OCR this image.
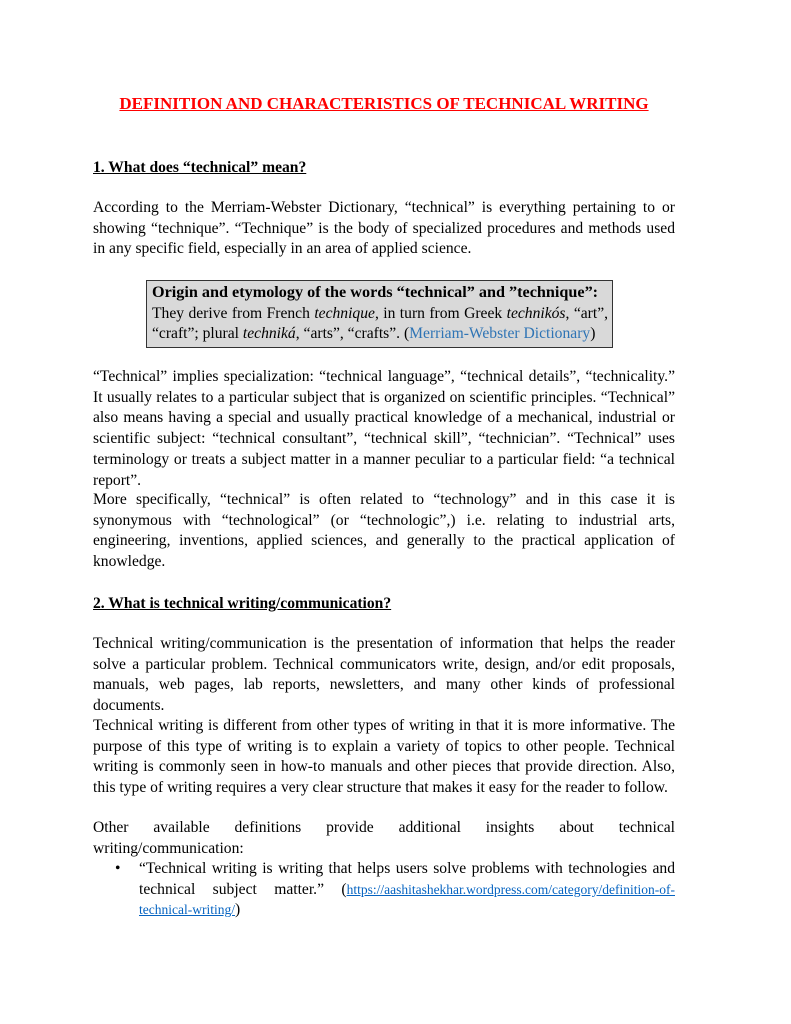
DEFINITION AND CHARACTERISTICS OF TECHNICAL WRITING
1. What does “technical” mean?
According to the Merriam-Webster Dictionary, “technical” is everything pertaining to or showing “technique”. “Technique” is the body of specialized procedures and methods used in any specific field, especially in an area of applied science.
Origin and etymology of the words “technical” and ”technique”:
They derive from French technique, in turn from Greek technikós, “art”, “craft”; plural techniká, “arts”, “crafts”. (Merriam-Webster Dictionary)
“Technical” implies specialization: “technical language”, “technical details”, “technicality.” It usually relates to a particular subject that is organized on scientific principles. “Technical” also means having a special and usually practical knowledge of a mechanical, industrial or scientific subject: “technical consultant”, “technical skill”, “technician”. “Technical” uses terminology or treats a subject matter in a manner peculiar to a particular field: “a technical report”.
More specifically, “technical” is often related to “technology” and in this case it is synonymous with “technological” (or “technologic”,) i.e. relating to industrial arts, engineering, inventions, applied sciences, and generally to the practical application of knowledge.
2. What is technical writing/communication?
Technical writing/communication is the presentation of information that helps the reader solve a particular problem. Technical communicators write, design, and/or edit proposals, manuals, web pages, lab reports, newsletters, and many other kinds of professional documents.
Technical writing is different from other types of writing in that it is more informative. The purpose of this type of writing is to explain a variety of topics to other people. Technical writing is commonly seen in how-to manuals and other pieces that provide direction. Also, this type of writing requires a very clear structure that makes it easy for the reader to follow.
Other available definitions provide additional insights about technical writing/communication:
• “Technical writing is writing that helps users solve problems with technologies and technical subject matter.” (https://aashitashekhar.wordpress.com/category/definition-of-technical-writing/)
